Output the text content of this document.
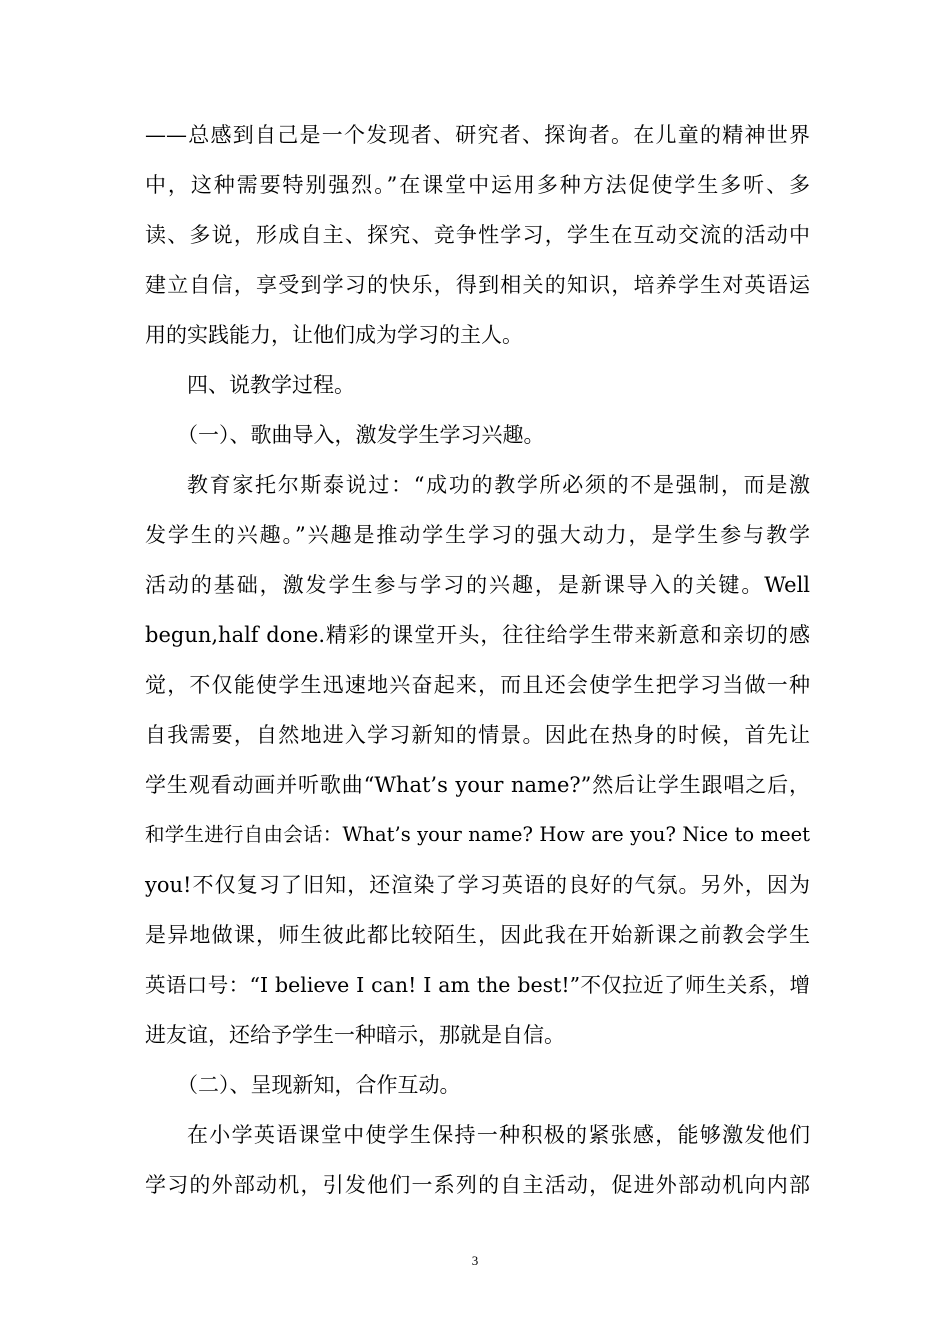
——总感到自己是一个发现者、研究者、探询者。在儿童的精神世界
中，这种需要特别强烈。”在课堂中运用多种方法促使学生多听、多
读、多说，形成自主、探究、竞争性学习，学生在互动交流的活动中
建立自信，享受到学习的快乐，得到相关的知识，培养学生对英语运
用的实践能力，让他们成为学习的主人。
四、说教学过程。
（一）、歌曲导入，激发学生学习兴趣。
教育家托尔斯泰说过：“成功的教学所必须的不是强制，而是激
发学生的兴趣。”兴趣是推动学生学习的强大动力，是学生参与教学
活动的基础，激发学生参与学习的兴趣，是新课导入的关键。Well
begun,half done.精彩的课堂开头，往往给学生带来新意和亲切的感
觉，不仅能使学生迅速地兴奋起来，而且还会使学生把学习当做一种
自我需要，自然地进入学习新知的情景。因此在热身的时候，首先让
学生观看动画并听歌曲“What’s your name?”然后让学生跟唱之后，
和学生进行自由会话：What’s your name? How are you? Nice to meet
you!不仅复习了旧知，还渲染了学习英语的良好的气氛。另外，因为
是异地做课，师生彼此都比较陌生，因此我在开始新课之前教会学生
英语口号：“I believe I can! I am the best!”不仅拉近了师生关系，增
进友谊，还给予学生一种暗示，那就是自信。
（二）、呈现新知，合作互动。
在小学英语课堂中使学生保持一种积极的紧张感，能够激发他们
学习的外部动机，引发他们一系列的自主活动，促进外部动机向内部
3
